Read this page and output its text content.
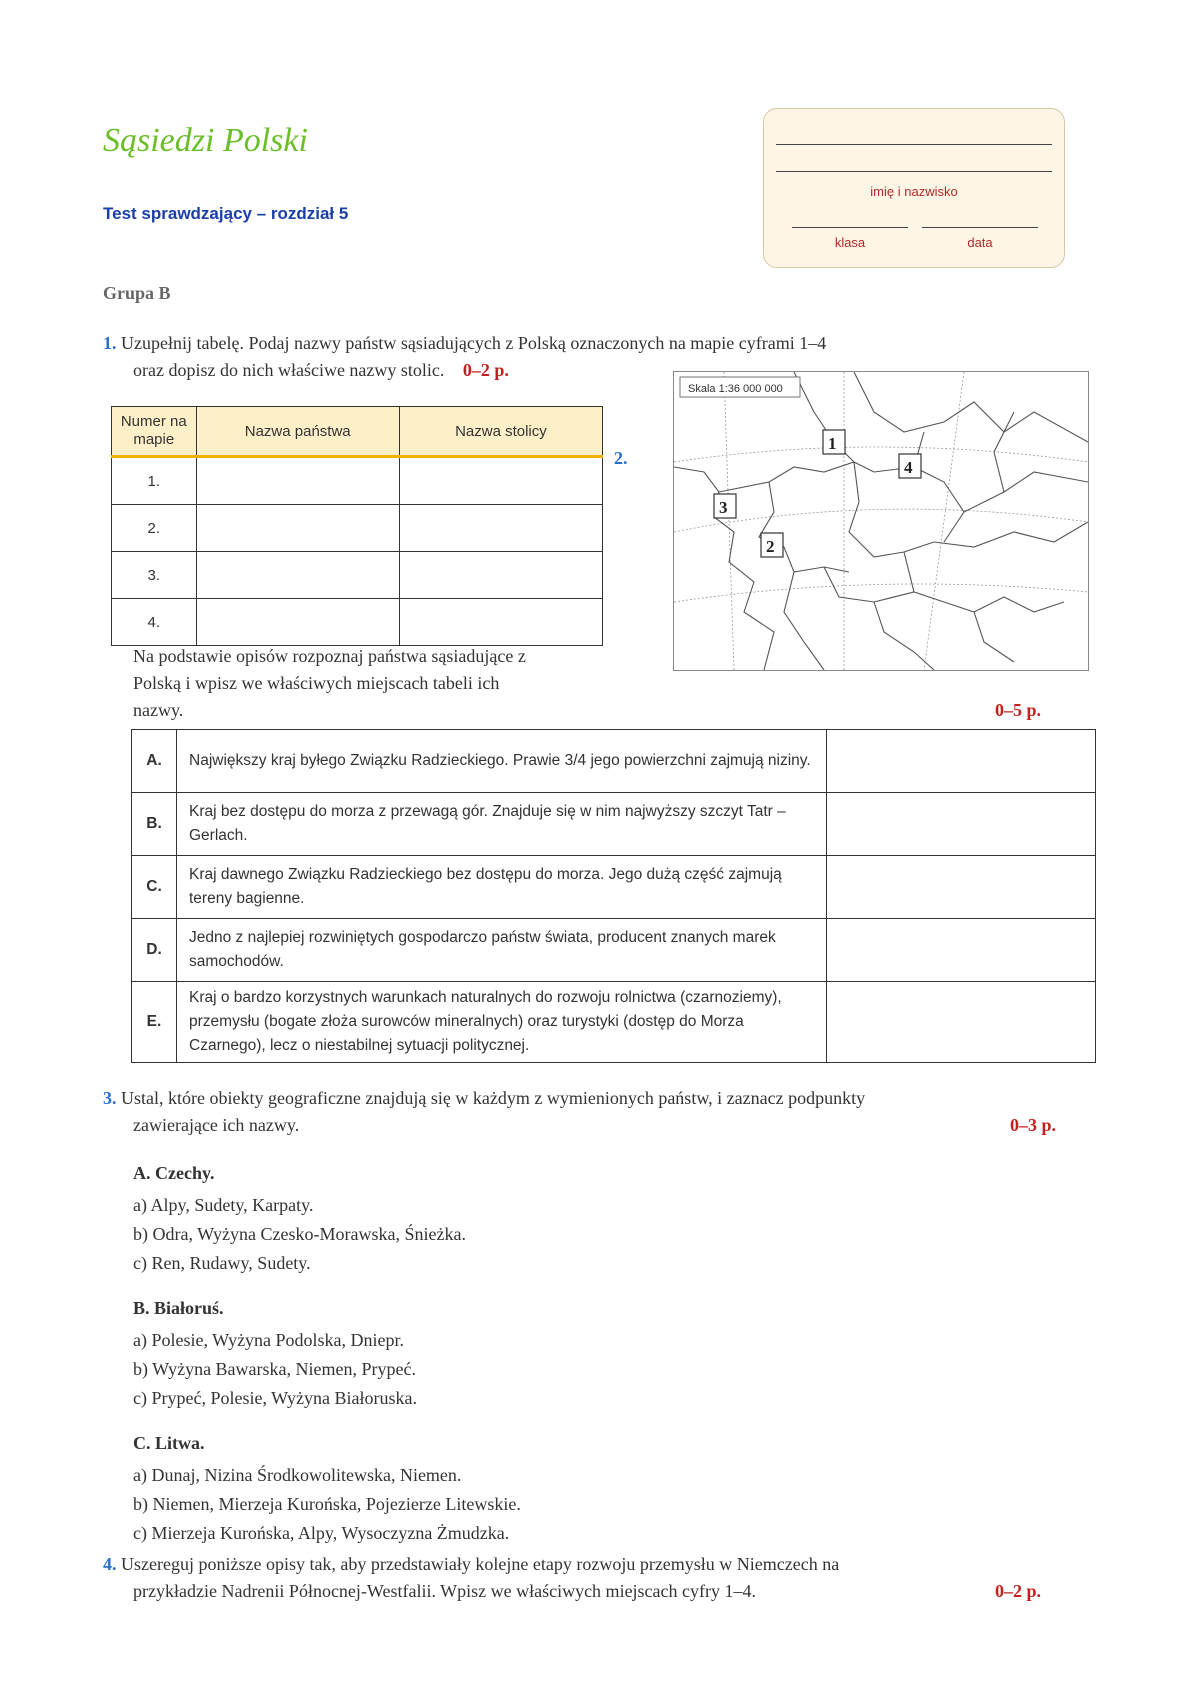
Sąsiedzi Polski
Test sprawdzający – rozdział 5
imię i nazwisko
klasa	data
Grupa B
1. Uzupełnij tabelę. Podaj nazwy państw sąsiadujących z Polską oznaczonych na mapie cyframi 1–4
oraz dopisz do nich właściwe nazwy stolic. 0–2 p.
Numer na mapie	Nazwa państwa	Nazwa stolicy
1.		
2.		
3.		
4.		
Skala 1:36 000 000
1
2
3
4
2.
Na podstawie opisów rozpoznaj państwa sąsiadujące z
Polską i wpisz we właściwych miejscach tabeli ich
nazwy.	0–5 p.
A.	Największy kraj byłego Związku Radzieckiego. Prawie 3/4 jego powierzchni zajmują niziny.	
B.	Kraj bez dostępu do morza z przewagą gór. Znajduje się w nim najwyższy szczyt Tatr – Gerlach.	
C.	Kraj dawnego Związku Radzieckiego bez dostępu do morza. Jego dużą część zajmują tereny bagienne.	
D.	Jedno z najlepiej rozwiniętych gospodarczo państw świata, producent znanych marek samochodów.	
E.	Kraj o bardzo korzystnych warunkach naturalnych do rozwoju rolnictwa (czarnoziemy), przemysłu (bogate złoża surowców mineralnych) oraz turystyki (dostęp do Morza Czarnego), lecz o niestabilnej sytuacji politycznej.	
3. Ustal, które obiekty geograficzne znajdują się w każdym z wymienionych państw, i zaznacz podpunkty
zawierające ich nazwy.	0–3 p.
A. Czechy.
a) Alpy, Sudety, Karpaty.
b) Odra, Wyżyna Czesko-Morawska, Śnieżka.
c) Ren, Rudawy, Sudety.
B. Białoruś.
a) Polesie, Wyżyna Podolska, Dniepr.
b) Wyżyna Bawarska, Niemen, Prypeć.
c) Prypeć, Polesie, Wyżyna Białoruska.
C. Litwa.
a) Dunaj, Nizina Środkowolitewska, Niemen.
b) Niemen, Mierzeja Kurońska, Pojezierze Litewskie.
c) Mierzeja Kurońska, Alpy, Wysoczyzna Żmudzka.
4. Uszereguj poniższe opisy tak, aby przedstawiały kolejne etapy rozwoju przemysłu w Niemczech na
przykładzie Nadrenii Północnej-Westfalii. Wpisz we właściwych miejscach cyfry 1–4.	0–2 p.
